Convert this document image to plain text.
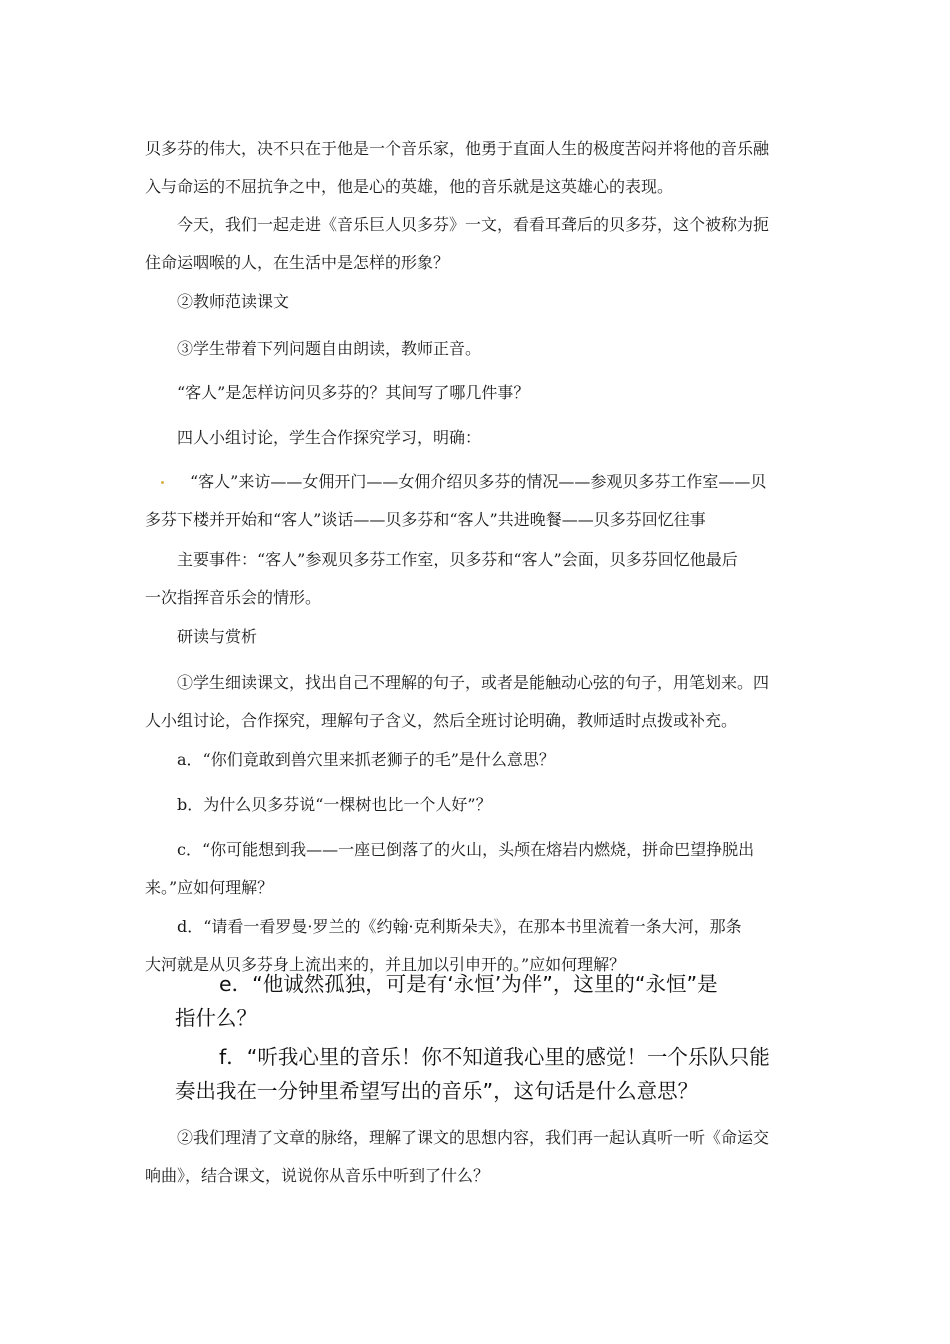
贝多芬的伟大，决不只在于他是一个音乐家，他勇于直面人生的极度苦闷并将他的音乐融
入与命运的不屈抗争之中，他是心的英雄，他的音乐就是这英雄心的表现。
今天，我们一起走进《音乐巨人贝多芬》一文，看看耳聋后的贝多芬，这个被称为扼
住命运咽喉的人，在生活中是怎样的形象？
②教师范读课文
③学生带着下列问题自由朗读，教师正音。
“客人”是怎样访问贝多芬的？其间写了哪几件事？
四人小组讨论，学生合作探究学习，明确：
“客人”来访——女佣开门——女佣介绍贝多芬的情况——参观贝多芬工作室——贝
多芬下楼并开始和“客人”谈话——贝多芬和“客人”共进晚餐——贝多芬回忆往事
主要事件：“客人”参观贝多芬工作室，贝多芬和“客人”会面，贝多芬回忆他最后
一次指挥音乐会的情形。
研读与赏析
①学生细读课文，找出自己不理解的句子，或者是能触动心弦的句子，用笔划来。四
人小组讨论，合作探究，理解句子含义，然后全班讨论明确，教师适时点拨或补充。
a．“你们竟敢到兽穴里来抓老狮子的毛”是什么意思？
b．为什么贝多芬说“一棵树也比一个人好”？
c．“你可能想到我——一座已倒落了的火山，头颅在熔岩内燃烧，拼命巴望挣脱出
来。”应如何理解？
d．“请看一看罗曼·罗兰的《约翰·克利斯朵夫》，在那本书里流着一条大河，那条
大河就是从贝多芬身上流出来的，并且加以引申开的。”应如何理解？
e．“他诚然孤独，可是有‘永恒’为伴”，这里的“永恒”是
指什么？
f．“听我心里的音乐！你不知道我心里的感觉！一个乐队只能
奏出我在一分钟里希望写出的音乐”，这句话是什么意思？
②我们理清了文章的脉络，理解了课文的思想内容，我们再一起认真听一听《命运交
响曲》，结合课文，说说你从音乐中听到了什么？
